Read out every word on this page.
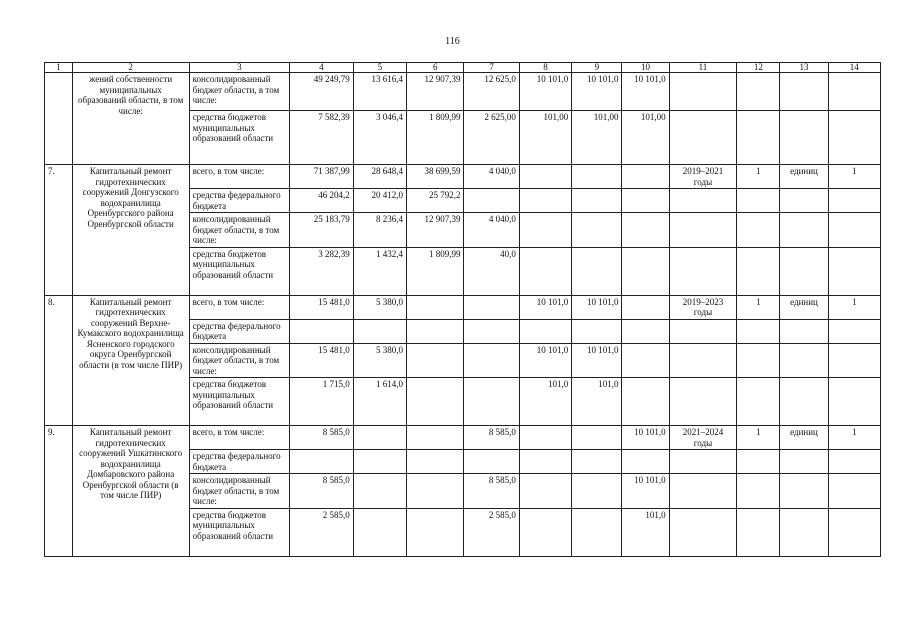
116
1	2	3	4	5	6	7	8	9	10	11	12	13	14
	жений собственности муниципальных образований области, в том числе:	консолидированный бюджет области, в том числе:	49 249,79	13 616,4	12 907,39	12 625,0	10 101,0	10 101,0	10 101,0				
		средства бюджетов муниципальных образований области	7 582,39	3 046,4	1 809,99	2 625,00	101,00	101,00	101,00				
7.	Капитальный ремонт гидротехнических сооружений Донгузского водохранилища Оренбургского района Оренбургской области	всего, в том числе:	71 387,99	28 648,4	38 699,59	4 040,0				2019–2021 годы	1	единиц	1
		средства федерального бюджета	46 204,2	20 412,0	25 792,2								
		консолидированный бюджет области, в том числе:	25 183,79	8 236,4	12 907,39	4 040,0							
		средства бюджетов муниципальных образований области	3 282,39	1 432,4	1 809,99	40,0							
8.	Капитальный ремонт гидротехнических сооружений Верхне-Кумакского водохранилища Ясненского городского округа Оренбургской области (в том числе ПИР)	всего, в том числе:	15 481,0	5 380,0			10 101,0	10 101,0		2019–2023 годы	1	единиц	1
		средства федерального бюджета											
		консолидированный бюджет области, в том числе:	15 481,0	5 380,0			10 101,0	10 101,0					
		средства бюджетов муниципальных образований области	1 715,0	1 614,0			101,0	101,0					
9.	Капитальный ремонт гидротехнических сооружений Ушкатинского водохранилища Домбаровского района Оренбургской области (в том числе ПИР)	всего, в том числе:	8 585,0			8 585,0			10 101,0	2021–2024 годы	1	единиц	1
		средства федерального бюджета											
		консолидированный бюджет области, в том числе:	8 585,0			8 585,0			10 101,0				
		средства бюджетов муниципальных образований области	2 585,0			2 585,0			101,0				
